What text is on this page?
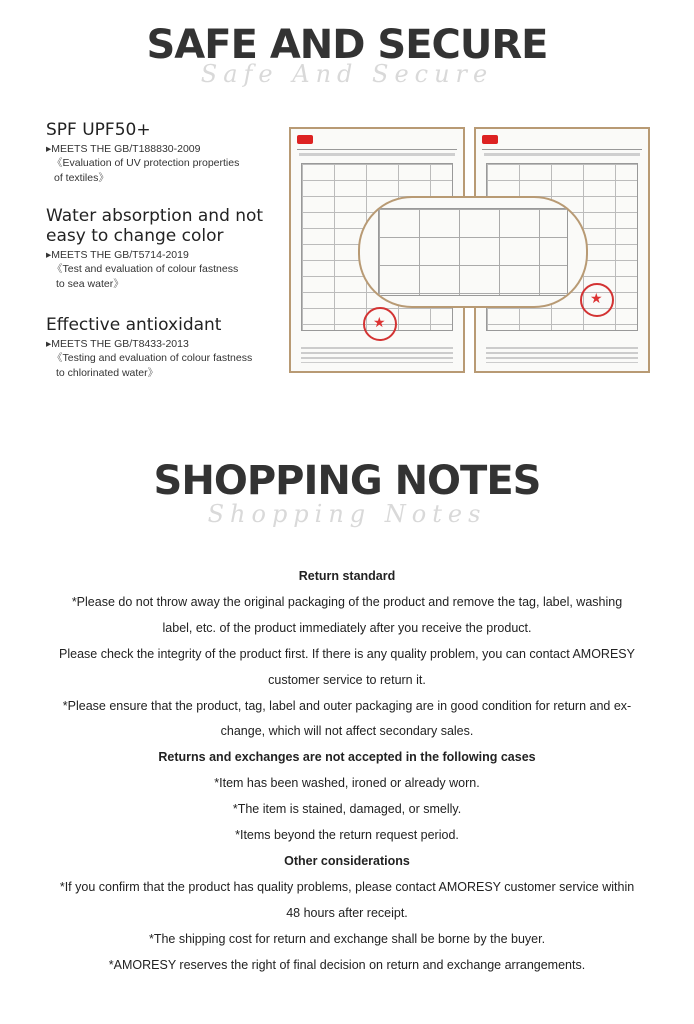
SAFE AND SECURE
Safe And Secure
SPF UPF50+
▸MEETS THE GB/T188830-2009
《Evaluation of UV protection properties
of textiles》
Water absorption and not easy to change color
▸MEETS THE GB/T5714-2019
《Test and evaluation of colour fastness
to sea water》
Effective antioxidant
▸MEETS THE GB/T8433-2013
《Testing and evaluation of colour fastness
to chlorinated water》
★
★
SHOPPING NOTES
Shopping Notes
Return standard
*Please do not throw away the original packaging of the product and remove the tag, label, washing
label, etc. of the product immediately after you receive the product.
Please check the integrity of the product first. If there is any quality problem, you can contact AMORESY
customer service to return it.
*Please ensure that the product, tag, label and outer packaging are in good condition for return and ex-
change, which will not affect secondary sales.
Returns and exchanges are not accepted in the following cases
*Item has been washed, ironed or already worn.
*The item is stained, damaged, or smelly.
*Items beyond the return request period.
Other considerations
*If you confirm that the product has quality problems, please contact AMORESY customer service within
48 hours after receipt.
*The shipping cost for return and exchange shall be borne by the buyer.
*AMORESY reserves the right of final decision on return and exchange arrangements.
